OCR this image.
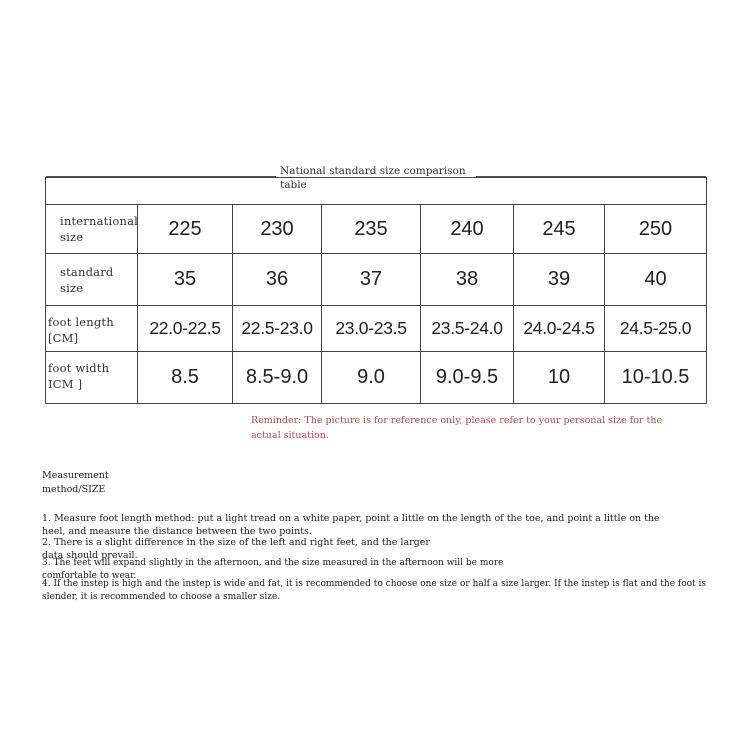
National standard size comparison table

international size	225	230	235	240	245	250
standard size	35	36	37	38	39	40
foot length [CM]	22.0-22.5	22.5-23.0	23.0-23.5	23.5-24.0	24.0-24.5	24.5-25.0
foot width ICM ]	8.5	8.5-9.0	9.0	9.0-9.5	10	10-10.5
Reminder: The picture is for reference only, please refer to your personal size for the actual situation.
Measurement method/SIZE
1. Measure foot length method: put a light tread on a white paper, point a little on the length of the toe, and point a little on the heel, and measure the distance between the two points.
2. There is a slight difference in the size of the left and right feet, and the larger data should prevail.
3. The feet will expand slightly in the afternoon, and the size measured in the afternoon will be more comfortable to wear.
4. If the instep is high and the instep is wide and fat, it is recommended to choose one size or half a size larger. If the instep is flat and the foot is slender, it is recommended to choose a smaller size.
